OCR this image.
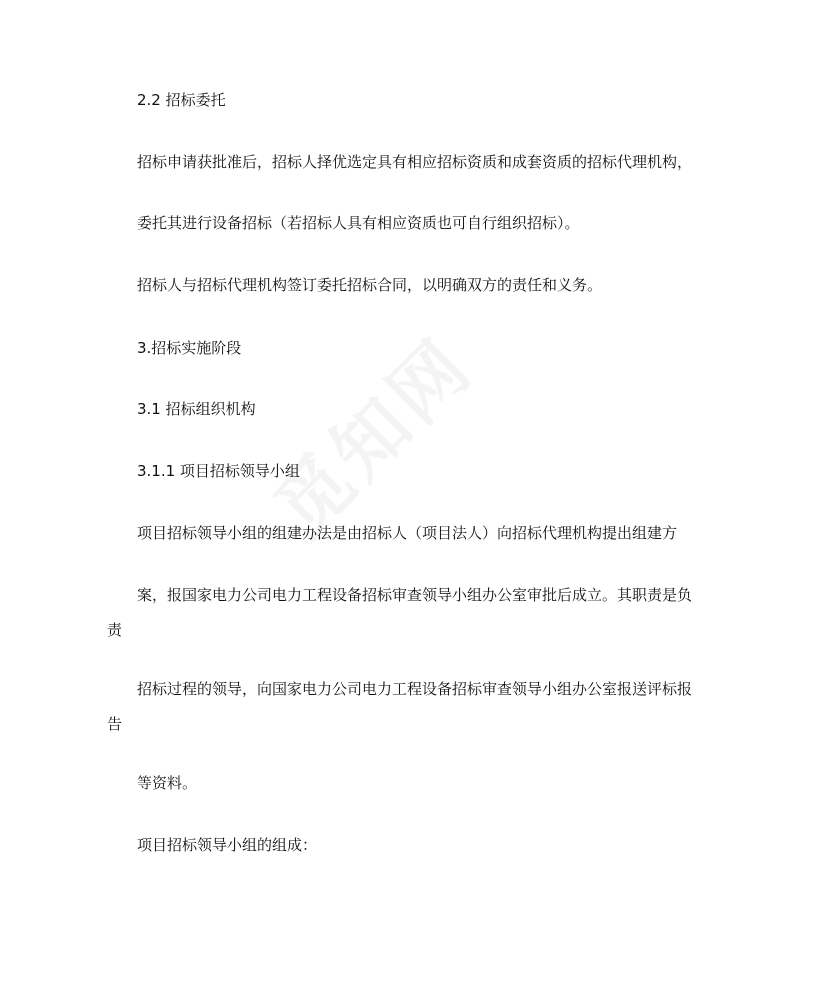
2.2 招标委托
招标申请获批准后，招标人择优选定具有相应招标资质和成套资质的招标代理机构，
委托其进行设备招标（若招标人具有相应资质也可自行组织招标）。
招标人与招标代理机构签订委托招标合同，以明确双方的责任和义务。
3.招标实施阶段
3.1 招标组织机构
3.1.1 项目招标领导小组
项目招标领导小组的组建办法是由招标人（项目法人）向招标代理机构提出组建方
案，报国家电力公司电力工程设备招标审查领导小组办公室审批后成立。其职责是负
责
招标过程的领导，向国家电力公司电力工程设备招标审查领导小组办公室报送评标报
告
等资料。
项目招标领导小组的组成：
